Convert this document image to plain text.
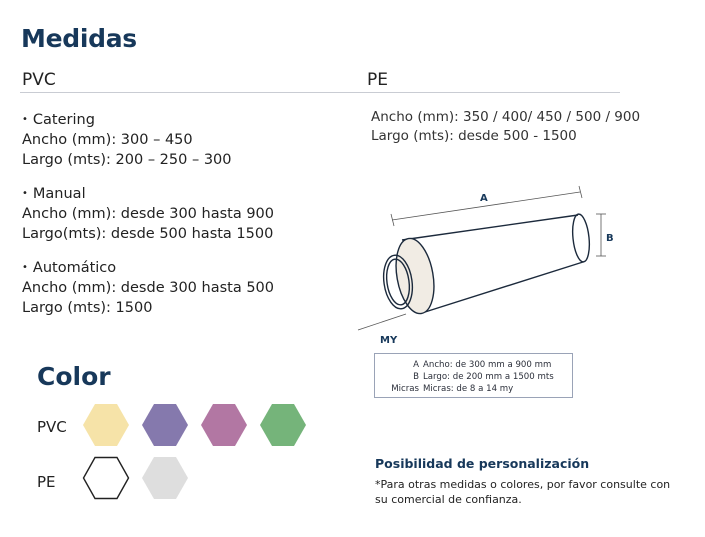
Medidas
PVC	PE
• Catering
Ancho (mm): 300 – 450
Largo (mts): 200 – 250 – 300
• Manual
Ancho (mm): desde 300 hasta 900
Largo(mts): desde 500 hasta 1500
• Automático
Ancho (mm): desde 300 hasta 500
Largo (mts): 1500
Ancho (mm): 350 / 400/ 450 / 500 / 900
Largo (mts): desde 500 - 1500
A
B
MY
A Ancho: de 300 mm a 900 mm
B Largo: de 200 mm a 1500 mts
Micras Micras: de 8 a 14 my
Color
PVC
PE
Posibilidad de personalización
*Para otras medidas o colores, por favor consulte con su comercial de confianza.
